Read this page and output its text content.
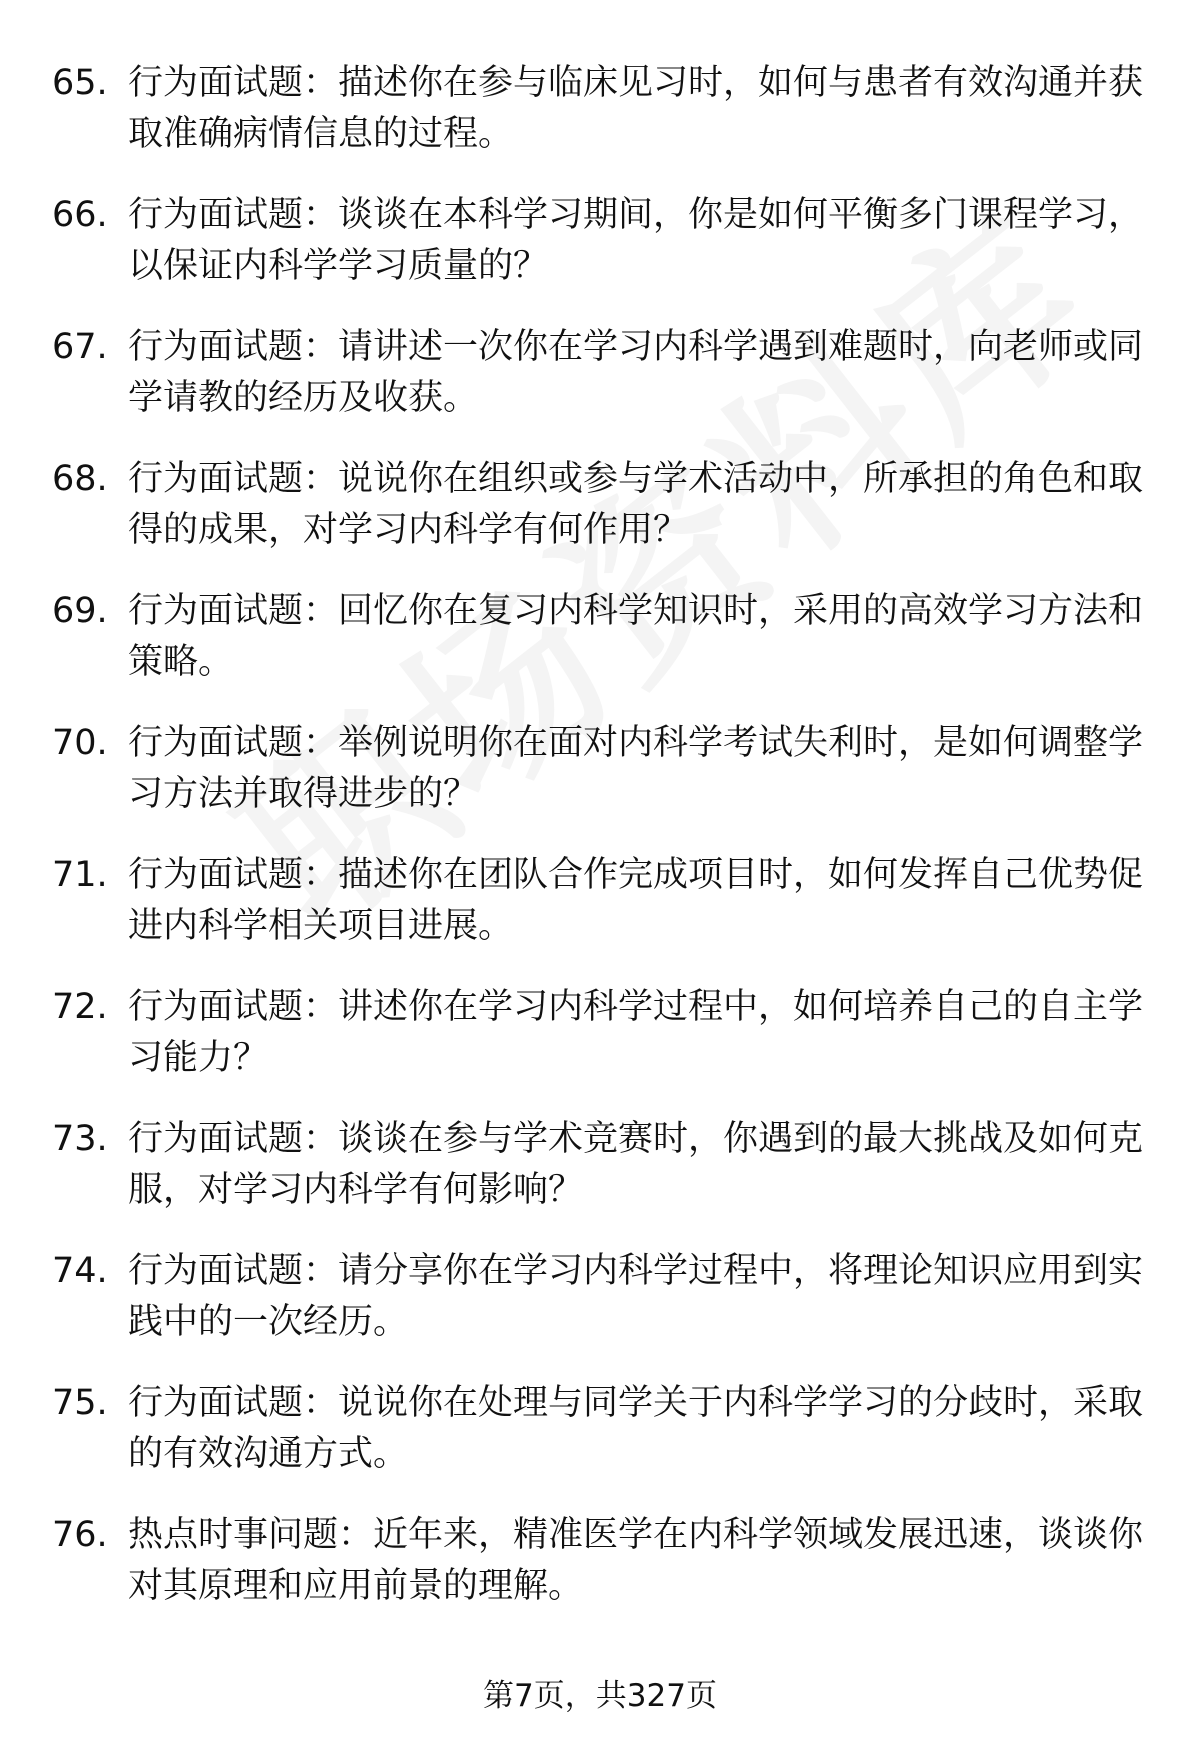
65. 行为面试题：描述你在参与临床见习时，如何与患者有效沟通并获取准确病情信息的过程。
66. 行为面试题：谈谈在本科学习期间，你是如何平衡多门课程学习，以保证内科学学习质量的？
67. 行为面试题：请讲述一次你在学习内科学遇到难题时，向老师或同学请教的经历及收获。
68. 行为面试题：说说你在组织或参与学术活动中，所承担的角色和取得的成果，对学习内科学有何作用？
69. 行为面试题：回忆你在复习内科学知识时，采用的高效学习方法和策略。
70. 行为面试题：举例说明你在面对内科学考试失利时，是如何调整学习方法并取得进步的？
71. 行为面试题：描述你在团队合作完成项目时，如何发挥自己优势促进内科学相关项目进展。
72. 行为面试题：讲述你在学习内科学过程中，如何培养自己的自主学习能力？
73. 行为面试题：谈谈在参与学术竞赛时，你遇到的最大挑战及如何克服，对学习内科学有何影响？
74. 行为面试题：请分享你在学习内科学过程中，将理论知识应用到实践中的一次经历。
75. 行为面试题：说说你在处理与同学关于内科学学习的分歧时，采取的有效沟通方式。
76. 热点时事问题：近年来，精准医学在内科学领域发展迅速，谈谈你对其原理和应用前景的理解。
第7页，共327页
